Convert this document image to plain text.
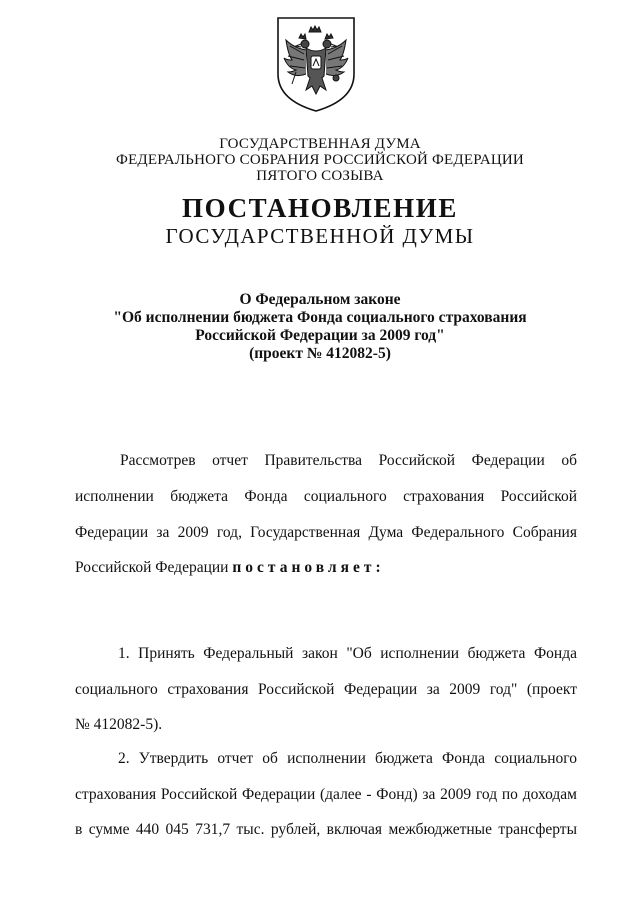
ГОСУДАРСТВЕННАЯ ДУМА
ФЕДЕРАЛЬНОГО СОБРАНИЯ РОССИЙСКОЙ ФЕДЕРАЦИИ
ПЯТОГО СОЗЫВА
ПОСТАНОВЛЕНИЕ
ГОСУДАРСТВЕННОЙ ДУМЫ
О Федеральном законе
"Об исполнении бюджета Фонда социального страхования
Российской Федерации за 2009 год"
(проект № 412082-5)
Рассмотрев отчет Правительства Российской Федерации об
исполнении бюджета Фонда социального страхования Российской
Федерации за 2009 год, Государственная Дума Федерального Собрания
Российской Федерации постановляет:
1. Принять Федеральный закон "Об исполнении бюджета Фонда
социального страхования Российской Федерации за 2009 год" (проект
№ 412082-5).
2. Утвердить отчет об исполнении бюджета Фонда социального
страхования Российской Федерации (далее - Фонд) за 2009 год по доходам
в сумме 440 045 731,7 тыс. рублей, включая межбюджетные трансферты
